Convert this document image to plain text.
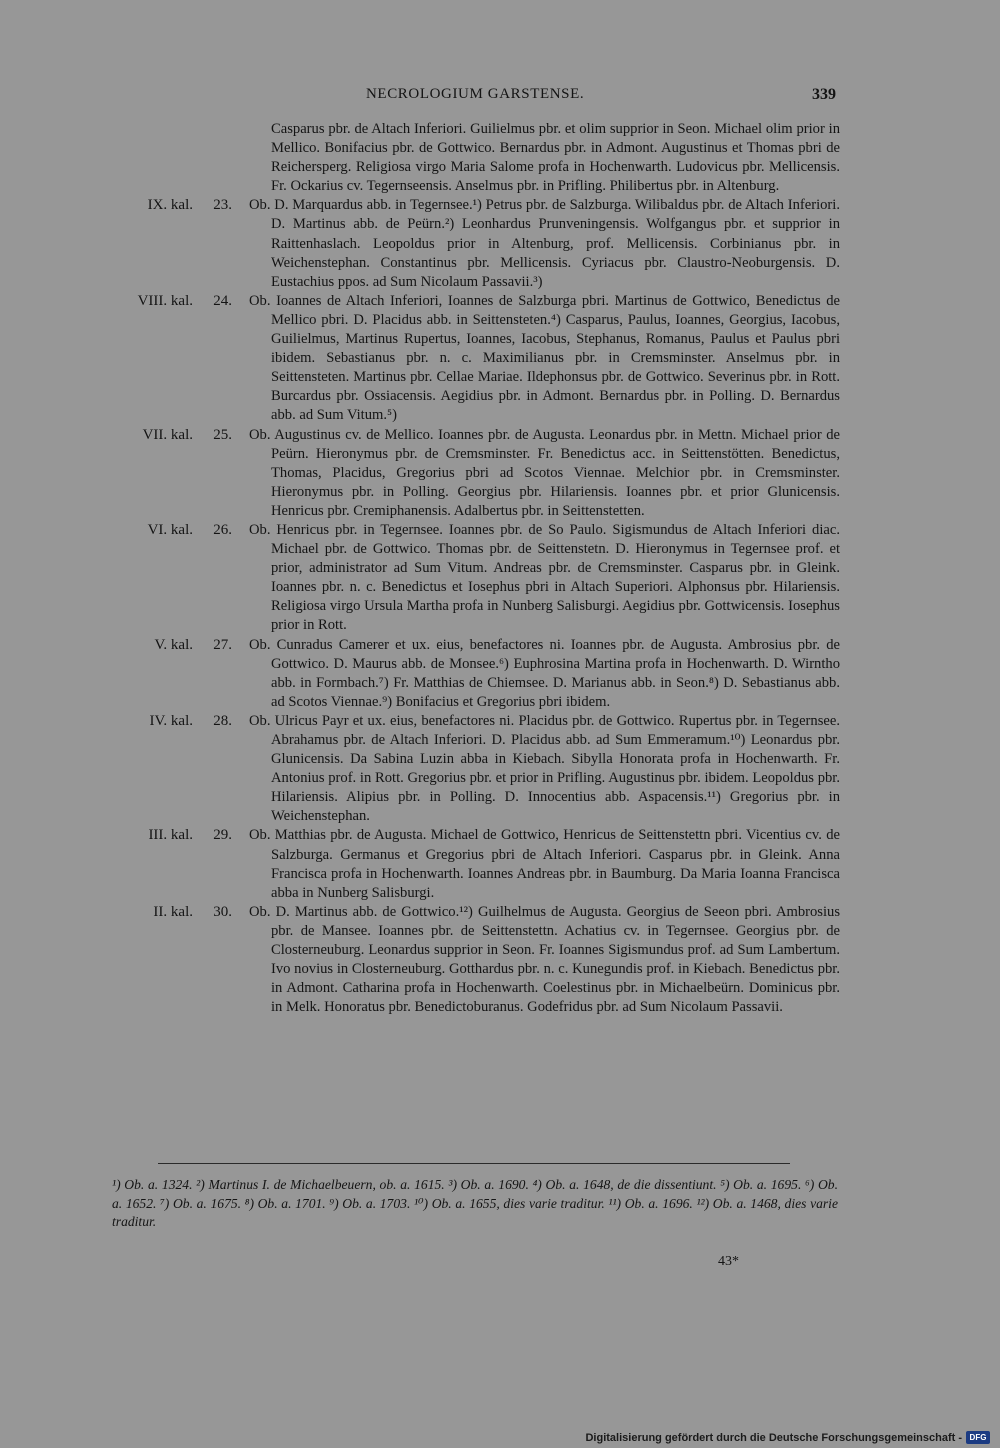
NECROLOGIUM GARSTENSE.	339
Casparus pbr. de Altach Inferiori. Guilielmus pbr. et olim supprior in Seon. Michael olim prior in Mellico. Bonifacius pbr. de Gottwico. Bernardus pbr. in Admont. Augustinus et Thomas pbri de Reichersperg. Religiosa virgo Maria Salome profa in Hochenwarth. Ludovicus pbr. Mellicensis. Fr. Ockarius cv. Tegernseensis. Anselmus pbr. in Prifling. Philibertus pbr. in Altenburg.
IX. kal.	23. Ob. D. Marquardus abb. in Tegernsee.¹) Petrus pbr. de Salzburga. Wilibaldus pbr. de Altach Inferiori. D. Martinus abb. de Peürn.²) Leonhardus Prunveningensis. Wolfgangus pbr. et supprior in Raittenhaslach. Leopoldus prior in Altenburg, prof. Mellicensis. Corbinianus pbr. in Weichenstephan. Constantinus pbr. Mellicensis. Cyriacus pbr. Claustro-Neoburgensis. D. Eustachius ppos. ad Sum Nicolaum Passavii.³)
VIII. kal.	24. Ob. Ioannes de Altach Inferiori, Ioannes de Salzburga pbri. Martinus de Gottwico, Benedictus de Mellico pbri. D. Placidus abb. in Seittensteten.⁴) Casparus, Paulus, Ioannes, Georgius, Iacobus, Guilielmus, Martinus Rupertus, Ioannes, Iacobus, Stephanus, Romanus, Paulus et Paulus pbri ibidem. Sebastianus pbr. n. c. Maximilianus pbr. in Cremsminster. Anselmus pbr. in Seittensteten. Martinus pbr. Cellae Mariae. Ildephonsus pbr. de Gottwico. Severinus pbr. in Rott. Burcardus pbr. Ossiacensis. Aegidius pbr. in Admont. Bernardus pbr. in Polling. D. Bernardus abb. ad Sum Vitum.⁵)
VII. kal.	25. Ob. Augustinus cv. de Mellico. Ioannes pbr. de Augusta. Leonardus pbr. in Mettn. Michael prior de Peürn. Hieronymus pbr. de Cremsminster. Fr. Benedictus acc. in Seittenstötten. Benedictus, Thomas, Placidus, Gregorius pbri ad Scotos Viennae. Melchior pbr. in Cremsminster. Hieronymus pbr. in Polling. Georgius pbr. Hilariensis. Ioannes pbr. et prior Glunicensis. Henricus pbr. Cremiphanensis. Adalbertus pbr. in Seittenstetten.
VI. kal.	26. Ob. Henricus pbr. in Tegernsee. Ioannes pbr. de So Paulo. Sigismundus de Altach Inferiori diac. Michael pbr. de Gottwico. Thomas pbr. de Seittenstetn. D. Hieronymus in Tegernsee prof. et prior, administrator ad Sum Vitum. Andreas pbr. de Cremsminster. Casparus pbr. in Gleink. Ioannes pbr. n. c. Benedictus et Iosephus pbri in Altach Superiori. Alphonsus pbr. Hilariensis. Religiosa virgo Ursula Martha profa in Nunberg Salisburgi. Aegidius pbr. Gottwicensis. Iosephus prior in Rott.
V. kal.	27. Ob. Cunradus Camerer et ux. eius, benefactores ni. Ioannes pbr. de Augusta. Ambrosius pbr. de Gottwico. D. Maurus abb. de Monsee.⁶) Euphrosina Martina profa in Hochenwarth. D. Wirntho abb. in Formbach.⁷) Fr. Matthias de Chiemsee. D. Marianus abb. in Seon.⁸) D. Sebastianus abb. ad Scotos Viennae.⁹) Bonifacius et Gregorius pbri ibidem.
IV. kal.	28. Ob. Ulricus Payr et ux. eius, benefactores ni. Placidus pbr. de Gottwico. Rupertus pbr. in Tegernsee. Abrahamus pbr. de Altach Inferiori. D. Placidus abb. ad Sum Emmeramum.¹⁰) Leonardus pbr. Glunicensis. Da Sabina Luzin abba in Kiebach. Sibylla Honorata profa in Hochenwarth. Fr. Antonius prof. in Rott. Gregorius pbr. et prior in Prifling. Augustinus pbr. ibidem. Leopoldus pbr. Hilariensis. Alipius pbr. in Polling. D. Innocentius abb. Aspacensis.¹¹) Gregorius pbr. in Weichenstephan.
III. kal.	29. Ob. Matthias pbr. de Augusta. Michael de Gottwico, Henricus de Seittenstettn pbri. Vicentius cv. de Salzburga. Germanus et Gregorius pbri de Altach Inferiori. Casparus pbr. in Gleink. Anna Francisca profa in Hochenwarth. Ioannes Andreas pbr. in Baumburg. Da Maria Ioanna Francisca abba in Nunberg Salisburgi.
II. kal.	30. Ob. D. Martinus abb. de Gottwico.¹²) Guilhelmus de Augusta. Georgius de Seeon pbri. Ambrosius pbr. de Mansee. Ioannes pbr. de Seittenstettn. Achatius cv. in Tegernsee. Georgius pbr. de Closterneuburg. Leonardus supprior in Seon. Fr. Ioannes Sigismundus prof. ad Sum Lambertum. Ivo novius in Closterneuburg. Gotthardus pbr. n. c. Kunegundis prof. in Kiebach. Benedictus pbr. in Admont. Catharina profa in Hochenwarth. Coelestinus pbr. in Michaelbeürn. Dominicus pbr. in Melk. Honoratus pbr. Benedictoburanus. Godefridus pbr. ad Sum Nicolaum Passavii.
¹) Ob. a. 1324. ²) Martinus I. de Michaelbeuern, ob. a. 1615. ³) Ob. a. 1690. ⁴) Ob. a. 1648, de die dissentiunt. ⁵) Ob. a. 1695. ⁶) Ob. a. 1652. ⁷) Ob. a. 1675. ⁸) Ob. a. 1701. ⁹) Ob. a. 1703. ¹⁰) Ob. a. 1655, dies varie traditur. ¹¹) Ob. a. 1696. ¹²) Ob. a. 1468, dies varie traditur.
43*
Digitalisierung gefördert durch die Deutsche Forschungsgemeinschaft - DFG
